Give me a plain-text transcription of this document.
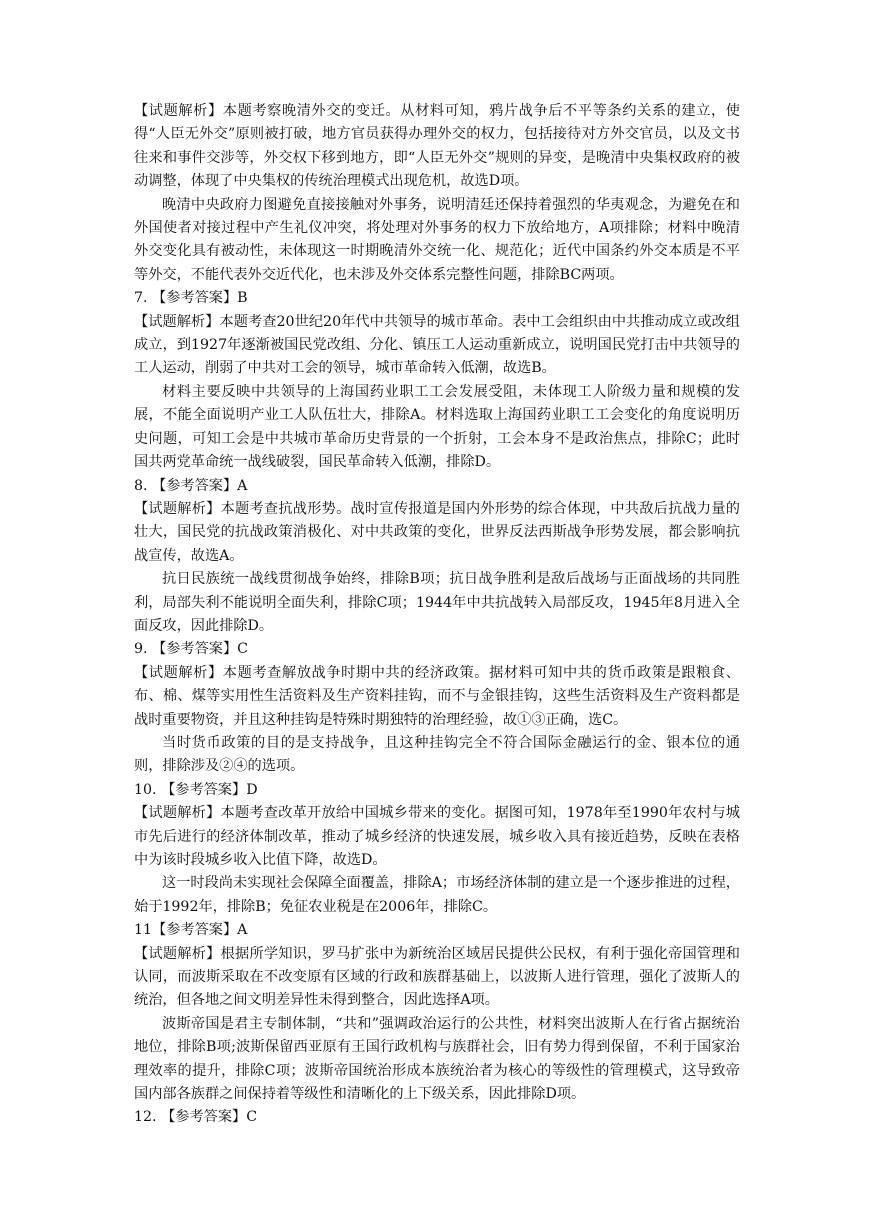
【试题解析】本题考察晚清外交的变迁。从材料可知，鸦片战争后不平等条约关系的建立，使得“人臣无外交”原则被打破，地方官员获得办理外交的权力，包括接待对方外交官员，以及文书往来和事件交涉等，外交权下移到地方，即“人臣无外交”规则的异变，是晚清中央集权政府的被动调整，体现了中央集权的传统治理模式出现危机，故选D项。

晚清中央政府力图避免直接接触对外事务，说明清廷还保持着强烈的华夷观念，为避免在和外国使者对接过程中产生礼仪冲突，将处理对外事务的权力下放给地方，A项排除；材料中晚清外交变化具有被动性，未体现这一时期晚清外交统一化、规范化；近代中国条约外交本质是不平等外交，不能代表外交近代化，也未涉及外交体系完整性问题，排除BC两项。

7. 【参考答案】B

【试题解析】本题考查20世纪20年代中共领导的城市革命。表中工会组织由中共推动成立或改组成立，到1927年逐渐被国民党改组、分化、镇压工人运动重新成立，说明国民党打击中共领导的工人运动，削弱了中共对工会的领导，城市革命转入低潮，故选B。

材料主要反映中共领导的上海国药业职工工会发展受阻，未体现工人阶级力量和规模的发展，不能全面说明产业工人队伍壮大，排除A。材料选取上海国药业职工工会变化的角度说明历史问题，可知工会是中共城市革命历史背景的一个折射，工会本身不是政治焦点，排除C；此时国共两党革命统一战线破裂，国民革命转入低潮，排除D。

8. 【参考答案】A

【试题解析】本题考查抗战形势。战时宣传报道是国内外形势的综合体现，中共敌后抗战力量的壮大，国民党的抗战政策消极化、对中共政策的变化，世界反法西斯战争形势发展，都会影响抗战宣传，故选A。

抗日民族统一战线贯彻战争始终，排除B项；抗日战争胜利是敌后战场与正面战场的共同胜利，局部失利不能说明全面失利，排除C项；1944年中共抗战转入局部反攻，1945年8月进入全面反攻，因此排除D。

9. 【参考答案】C

【试题解析】本题考查解放战争时期中共的经济政策。据材料可知中共的货币政策是跟粮食、布、棉、煤等实用性生活资料及生产资料挂钩，而不与金银挂钩，这些生活资料及生产资料都是战时重要物资，并且这种挂钩是特殊时期独特的治理经验，故①③正确，选C。

当时货币政策的目的是支持战争，且这种挂钩完全不符合国际金融运行的金、银本位的通则，排除涉及②④的选项。

10. 【参考答案】D

【试题解析】本题考查改革开放给中国城乡带来的变化。据图可知，1978年至1990年农村与城市先后进行的经济体制改革，推动了城乡经济的快速发展，城乡收入具有接近趋势，反映在表格中为该时段城乡收入比值下降，故选D。

这一时段尚未实现社会保障全面覆盖，排除A；市场经济体制的建立是一个逐步推进的过程，始于1992年，排除B；免征农业税是在2006年，排除C。

11【参考答案】A

【试题解析】根据所学知识，罗马扩张中为新统治区域居民提供公民权，有利于强化帝国管理和认同，而波斯采取在不改变原有区域的行政和族群基础上，以波斯人进行管理，强化了波斯人的统治，但各地之间文明差异性未得到整合，因此选择A项。

波斯帝国是君主专制体制，“共和”强调政治运行的公共性，材料突出波斯人在行省占据统治地位，排除B项;波斯保留西亚原有王国行政机构与族群社会，旧有势力得到保留，不利于国家治理效率的提升，排除C项；波斯帝国统治形成本族统治者为核心的等级性的管理模式，这导致帝国内部各族群之间保持着等级性和清晰化的上下级关系，因此排除D项。

12. 【参考答案】C
